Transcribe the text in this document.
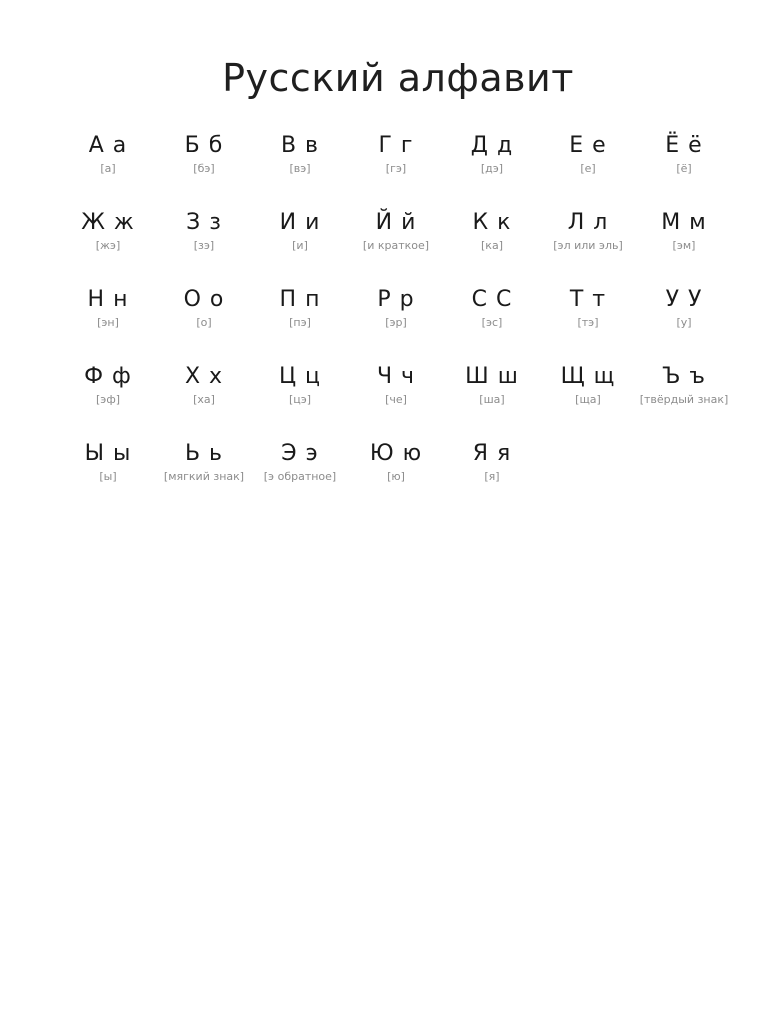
Русский алфавит
А а
[а]
Б б
[бэ]
В в
[вэ]
Г г
[гэ]
Д д
[дэ]
Е е
[е]
Ё ё
[ё]
Ж ж
[жэ]
З з
[зэ]
И и
[и]
Й й
[и краткое]
К к
[ка]
Л л
[эл или эль]
М м
[эм]
Н н
[эн]
О о
[о]
П п
[пэ]
Р р
[эр]
С С
[эс]
Т т
[тэ]
У У
[у]
Ф ф
[эф]
Х х
[ха]
Ц ц
[цэ]
Ч ч
[че]
Ш ш
[ша]
Щ щ
[ща]
Ъ ъ
[твёрдый знак]
Ы ы
[ы]
Ь ь
[мягкий знак]
Э э
[э обратное]
Ю ю
[ю]
Я я
[я]
